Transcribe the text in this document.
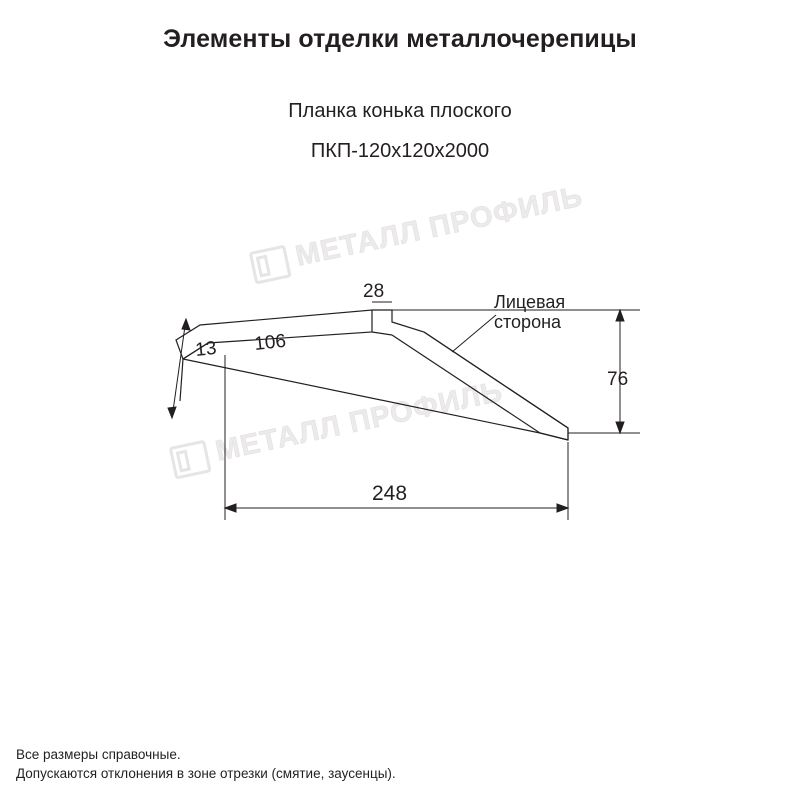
Элементы отделки металлочерепицы
Планка конька плоского
ПКП-120х120х2000
МЕТАЛЛ ПРОФИЛЬ
МЕТАЛЛ ПРОФИЛЬ
13 106
28
76
248
Лицевая
сторона
Все размеры справочные.
Допускаются отклонения в зоне отрезки (смятие, заусенцы).
